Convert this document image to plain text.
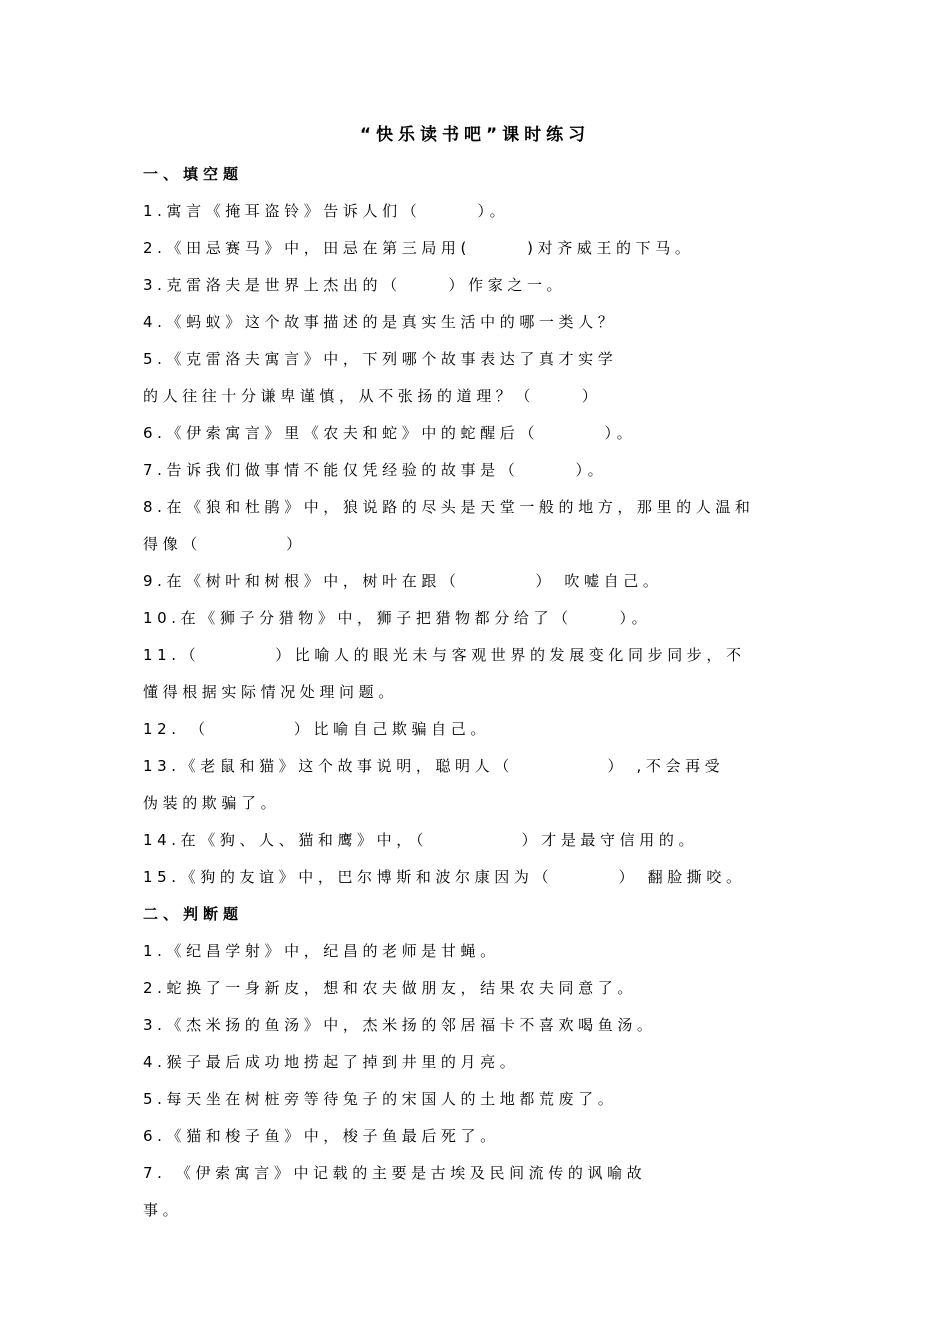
“快乐读书吧”课时练习
一、填空题
1.寓言《掩耳盗铃》告诉人们（      ）。
2.《田忌赛马》中，田忌在第三局用(      )对齐威王的下马。
3.克雷洛夫是世界上杰出的（     ）作家之一。
4.《蚂蚁》这个故事描述的是真实生活中的哪一类人？
5.《克雷洛夫寓言》中，下列哪个故事表达了真才实学
的人往往十分谦卑谨慎，从不张扬的道理？（     ）
6.《伊索寓言》里《农夫和蛇》中的蛇醒后（       ）。
7.告诉我们做事情不能仅凭经验的故事是（      ）。
8.在《狼和杜鹃》中，狼说路的尽头是天堂一般的地方，那里的人温和
得像（         ）
9.在《树叶和树根》中，树叶在跟（        ） 吹嘘自己。
10.在《狮子分猎物》中，狮子把猎物都分给了（     ）。
11.（        ）比喻人的眼光未与客观世界的发展变化同步同步，不
懂得根据实际情况处理问题。
12. （         ）比喻自己欺骗自己。
13.《老鼠和猫》这个故事说明，聪明人（          ） ,不会再受
伪装的欺骗了。
14.在《狗、人、猫和鹰》中，（          ）才是最守信用的。
15.《狗的友谊》中，巴尔博斯和波尔康因为（       ） 翻脸撕咬。
二、判断题
1.《纪昌学射》中，纪昌的老师是甘蝇。
2.蛇换了一身新皮，想和农夫做朋友，结果农夫同意了。
3.《杰米扬的鱼汤》中，杰米扬的邻居福卡不喜欢喝鱼汤。
4.猴子最后成功地捞起了掉到井里的月亮。
5.每天坐在树桩旁等待兔子的宋国人的土地都荒废了。
6.《猫和梭子鱼》中，梭子鱼最后死了。
7. 《伊索寓言》中记载的主要是古埃及民间流传的讽喻故
事。
